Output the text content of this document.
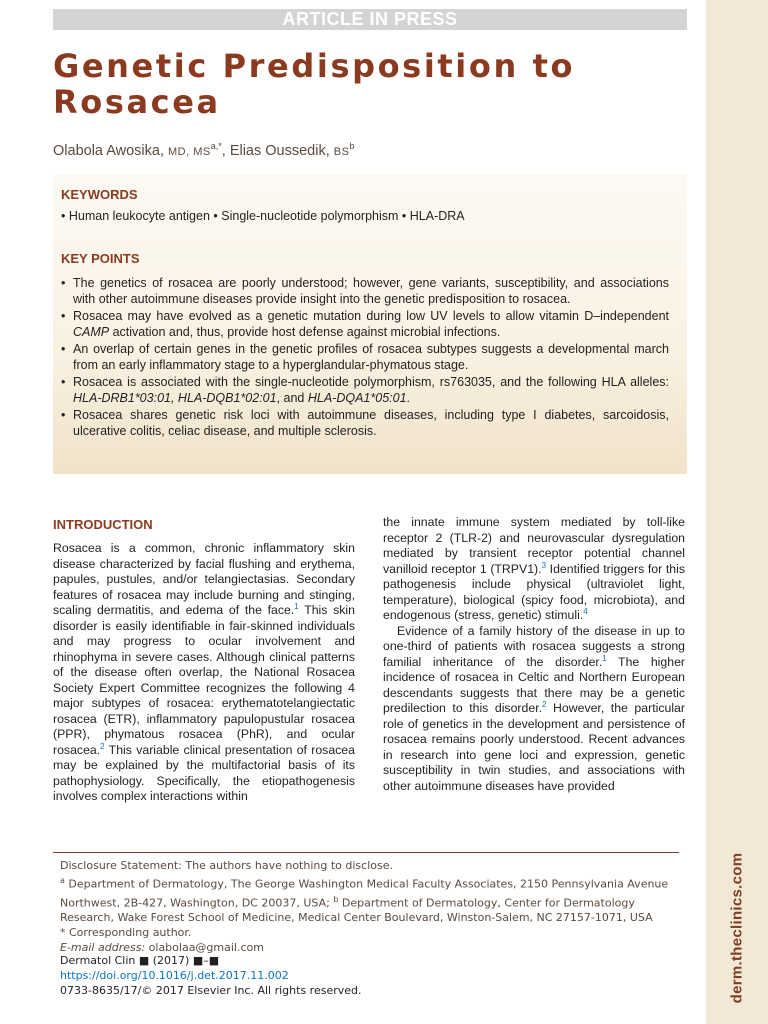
derm.theclinics.com
ARTICLE IN PRESS
Genetic Predisposition to Rosacea
Olabola Awosika, MD, $MS^{a,*}$, Elias Oussedik, $BS^b$
KEYWORDS
• Human leukocyte antigen • Single-nucleotide polymorphism • HLA-DRA
KEY POINTS
• The genetics of rosacea are poorly understood; however, gene variants, susceptibility, and associations with other autoimmune diseases provide insight into the genetic predisposition to rosacea.
• Rosacea may have evolved as a genetic mutation during low UV levels to allow vitamin D–independent CAMP activation and, thus, provide host defense against microbial infections.
• An overlap of certain genes in the genetic profiles of rosacea subtypes suggests a developmental march from an early inflammatory stage to a hyperglandular-phymatous stage.
• Rosacea is associated with the single-nucleotide polymorphism, rs763035, and the following HLA alleles: HLA-DRB1*03:01, HLA-DQB1*02:01, and HLA-DQA1*05:01.
• Rosacea shares genetic risk loci with autoimmune diseases, including type I diabetes, sarcoidosis, ulcerative colitis, celiac disease, and multiple sclerosis.
INTRODUCTION

Rosacea is a common, chronic inflammatory skin disease characterized by facial flushing and erythema, papules, pustules, and/or telangiectasias. Secondary features of rosacea may include burning and stinging, scaling dermatitis, and edema of the face.$^1$ This skin disorder is easily identifiable in fair-skinned individuals and may progress to ocular involvement and rhinophyma in severe cases. Although clinical patterns of the disease often overlap, the National Rosacea Society Expert Committee recognizes the following 4 major subtypes of rosacea: erythematotelangiectatic rosacea (ETR), inflammatory papulopustular rosacea (PPR), phymatous rosacea (PhR), and ocular rosacea.$^2$ This variable clinical presentation of rosacea may be explained by the multifactorial basis of its pathophysiology. Specifically, the etiopathogenesis involves complex interactions within

the innate immune system mediated by toll-like receptor 2 (TLR-2) and neurovascular dysregulation mediated by transient receptor potential channel vanilloid receptor 1 (TRPV1).$^3$ Identified triggers for this pathogenesis include physical (ultraviolet light, temperature), biological (spicy food, microbiota), and endogenous (stress, genetic) stimuli.$^4$

Evidence of a family history of the disease in up to one-third of patients with rosacea suggests a strong familial inheritance of the disorder.$^1$ The higher incidence of rosacea in Celtic and Northern European descendants suggests that there may be a genetic predilection to this disorder.$^2$ However, the particular role of genetics in the development and persistence of rosacea remains poorly understood. Recent advances in research into gene loci and expression, genetic susceptibility in twin studies, and associations with other autoimmune diseases have provided

Disclosure Statement: The authors have nothing to disclose.

$^a$ Department of Dermatology, The George Washington Medical Faculty Associates, 2150 Pennsylvania Avenue Northwest, 2B-427, Washington, DC 20037, USA; $^b$ Department of Dermatology, Center for Dermatology Research, Wake Forest School of Medicine, Medical Center Boulevard, Winston-Salem, NC 27157-1071, USA

* Corresponding author.

E-mail address: olabolaa@gmail.com

Dermatol Clin ■ (2017) ■–■

https://doi.org/10.1016/j.det.2017.11.002

0733-8635/17/© 2017 Elsevier Inc. All rights reserved.
